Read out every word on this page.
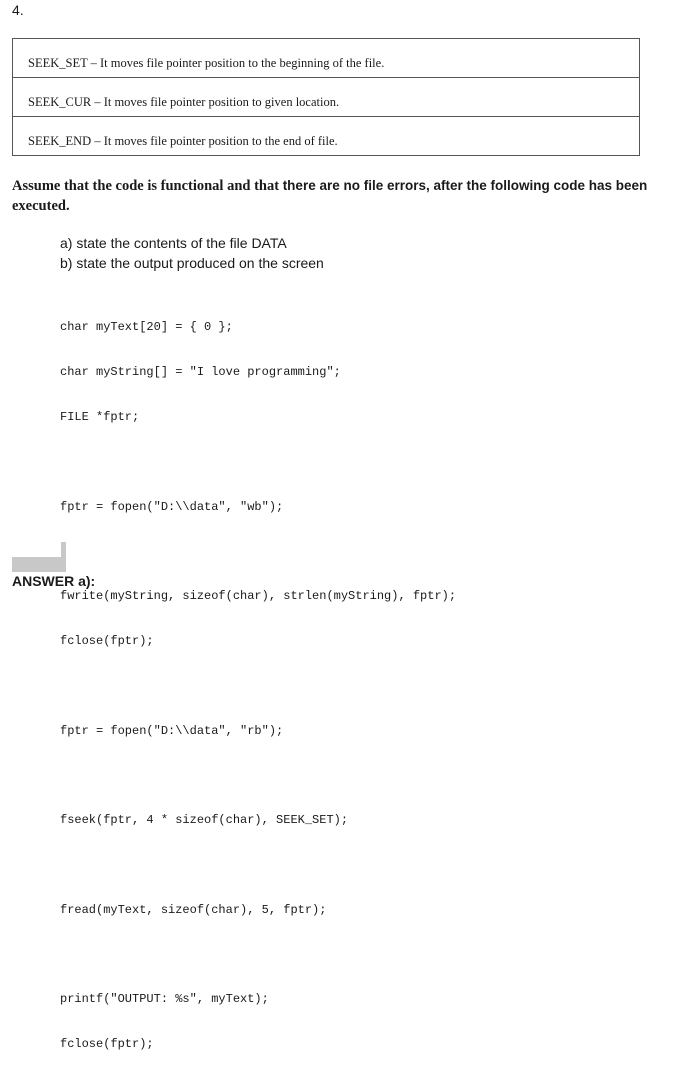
4.
SEEK_SET – It moves file pointer position to the beginning of the file.
SEEK_CUR – It moves file pointer position to given location.
SEEK_END – It moves file pointer position to the end of file.
Assume that the code is functional and that there are no file errors, after the following code has been
executed.
a) state the contents of the file DATA
b) state the output produced on the screen

char myText[20] = { 0 };

char myString[] = "I love programming";

FILE *fptr;

fptr = fopen("D:\\data", "wb");

fwrite(myString, sizeof(char), strlen(myString), fptr);

fclose(fptr);

fptr = fopen("D:\\data", "rb");

fseek(fptr, 4 * sizeof(char), SEEK_SET);

fread(myText, sizeof(char), 5, fptr);

printf("OUTPUT: %s", myText);

fclose(fptr);

ANSWER a):
